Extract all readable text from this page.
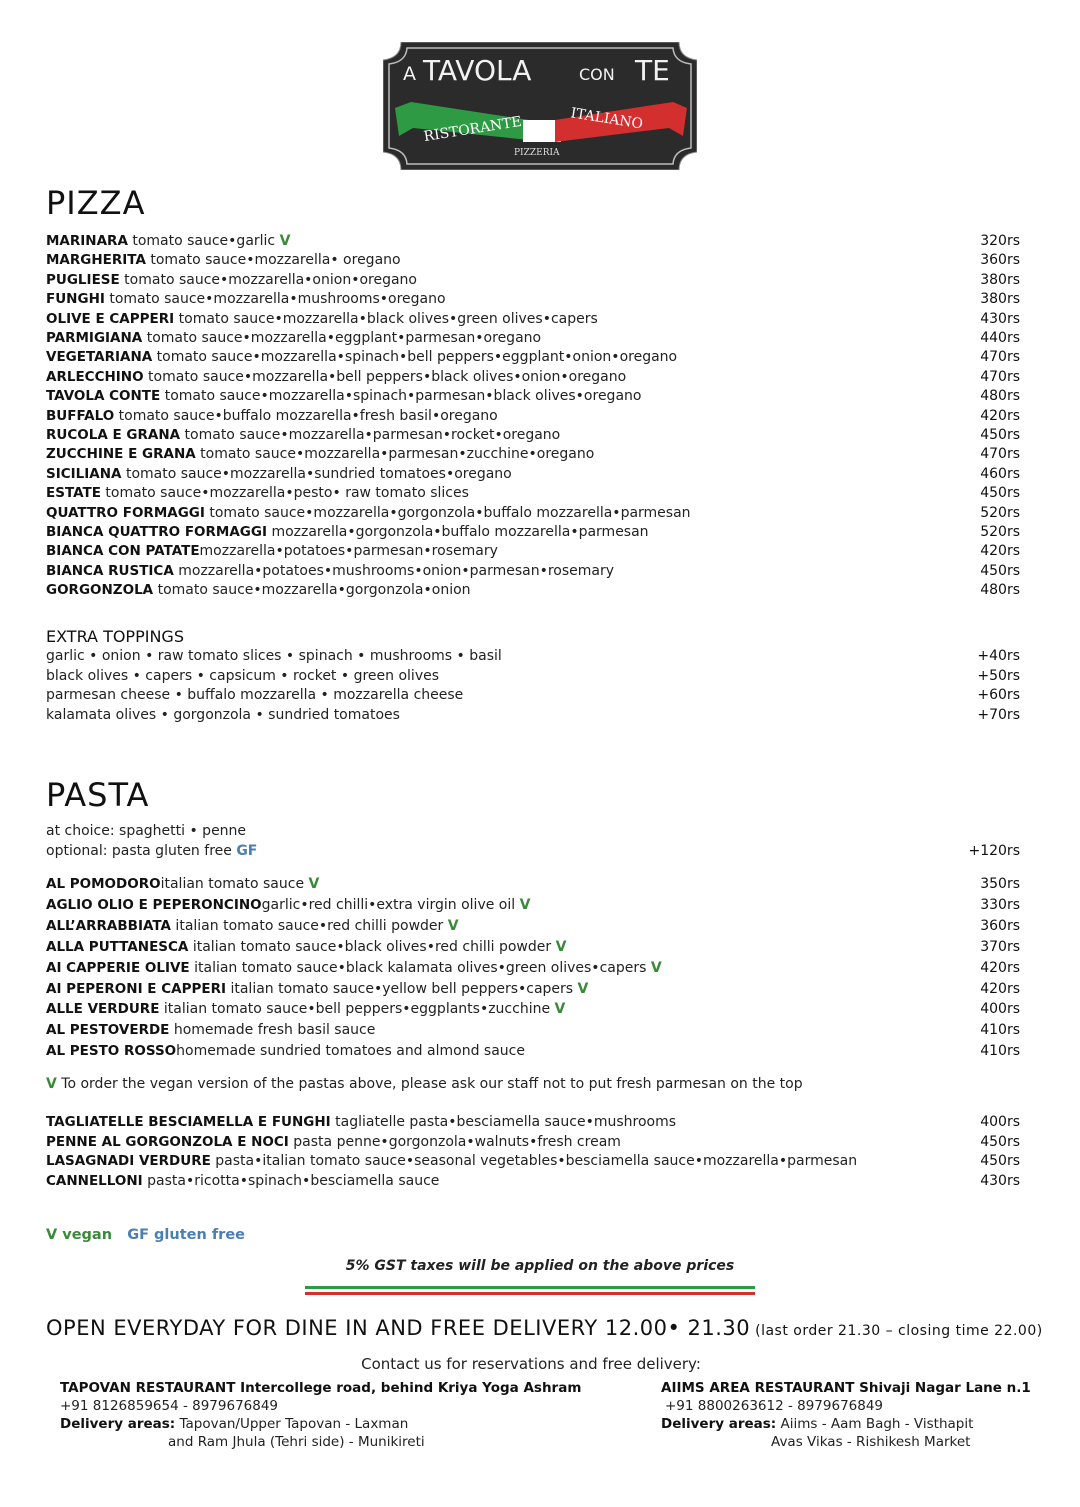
A TAVOLA	CON TE
RISTORANTE	ITALIANO
PIZZERIA
PIZZA
MARINARA tomato sauce•garlic V	320rs
MARGHERITA tomato sauce•mozzarella• oregano	360rs
PUGLIESE tomato sauce•mozzarella•onion•oregano	380rs
FUNGHI tomato sauce•mozzarella•mushrooms•oregano	380rs
OLIVE E CAPPERI tomato sauce•mozzarella•black olives•green olives•capers	430rs
PARMIGIANA tomato sauce•mozzarella•eggplant•parmesan•oregano	440rs
VEGETARIANA tomato sauce•mozzarella•spinach•bell peppers•eggplant•onion•oregano	470rs
ARLECCHINO tomato sauce•mozzarella•bell peppers•black olives•onion•oregano	470rs
TAVOLA CONTE tomato sauce•mozzarella•spinach•parmesan•black olives•oregano	480rs
BUFFALO tomato sauce•buffalo mozzarella•fresh basil•oregano	420rs
RUCOLA E GRANA tomato sauce•mozzarella•parmesan•rocket•oregano	450rs
ZUCCHINE E GRANA tomato sauce•mozzarella•parmesan•zucchine•oregano	470rs
SICILIANA tomato sauce•mozzarella•sundried tomatoes•oregano	460rs
ESTATE tomato sauce•mozzarella•pesto• raw tomato slices	450rs
QUATTRO FORMAGGI tomato sauce•mozzarella•gorgonzola•buffalo mozzarella•parmesan	520rs
BIANCA QUATTRO FORMAGGI mozzarella•gorgonzola•buffalo mozzarella•parmesan	520rs
BIANCA CON PATATEmozzarella•potatoes•parmesan•rosemary	420rs
BIANCA RUSTICA mozzarella•potatoes•mushrooms•onion•parmesan•rosemary	450rs
GORGONZOLA tomato sauce•mozzarella•gorgonzola•onion	480rs
EXTRA TOPPINGS
garlic • onion • raw tomato slices • spinach • mushrooms • basil	+40rs
black olives • capers • capsicum • rocket • green olives	+50rs
parmesan cheese • buffalo mozzarella • mozzarella cheese	+60rs
kalamata olives • gorgonzola • sundried tomatoes	+70rs
PASTA
at choice: spaghetti • penne
optional: pasta gluten free GF	+120rs
AL POMODOROitalian tomato sauce V	350rs
AGLIO OLIO E PEPERONCINOgarlic•red chilli•extra virgin olive oil V	330rs
ALL’ARRABBIATA italian tomato sauce•red chilli powder V	360rs
ALLA PUTTANESCA italian tomato sauce•black olives•red chilli powder V	370rs
AI CAPPERIE OLIVE italian tomato sauce•black kalamata olives•green olives•capers V	420rs
AI PEPERONI E CAPPERI italian tomato sauce•yellow bell peppers•capers V	420rs
ALLE VERDURE italian tomato sauce•bell peppers•eggplants•zucchine V	400rs
AL PESTOVERDE homemade fresh basil sauce	410rs
AL PESTO ROSSOhomemade sundried tomatoes and almond sauce	410rs
V To order the vegan version of the pastas above, please ask our staff not to put fresh parmesan on the top
TAGLIATELLE BESCIAMELLA E FUNGHI tagliatelle pasta•besciamella sauce•mushrooms	400rs
PENNE AL GORGONZOLA E NOCI pasta penne•gorgonzola•walnuts•fresh cream	450rs
LASAGNADI VERDURE pasta•italian tomato sauce•seasonal vegetables•besciamella sauce•mozzarella•parmesan	450rs
CANNELLONI pasta•ricotta•spinach•besciamella sauce	430rs
V vegan GF gluten free
5% GST taxes will be applied on the above prices
OPEN EVERYDAY FOR DINE IN AND FREE DELIVERY 12.00• 21.30 (last order 21.30 – closing time 22.00)
Contact us for reservations and free delivery:
TAPOVAN RESTAURANT Intercollege road, behind Kriya Yoga Ashram
+91 8126859654 - 8979676849
Delivery areas: Tapovan/Upper Tapovan - Laxman
and Ram Jhula (Tehri side) - Munikireti
AIIMS AREA RESTAURANT Shivaji Nagar Lane n.1
+91 8800263612 - 8979676849
Delivery areas: Aiims - Aam Bagh - Visthapit
Avas Vikas - Rishikesh Market
